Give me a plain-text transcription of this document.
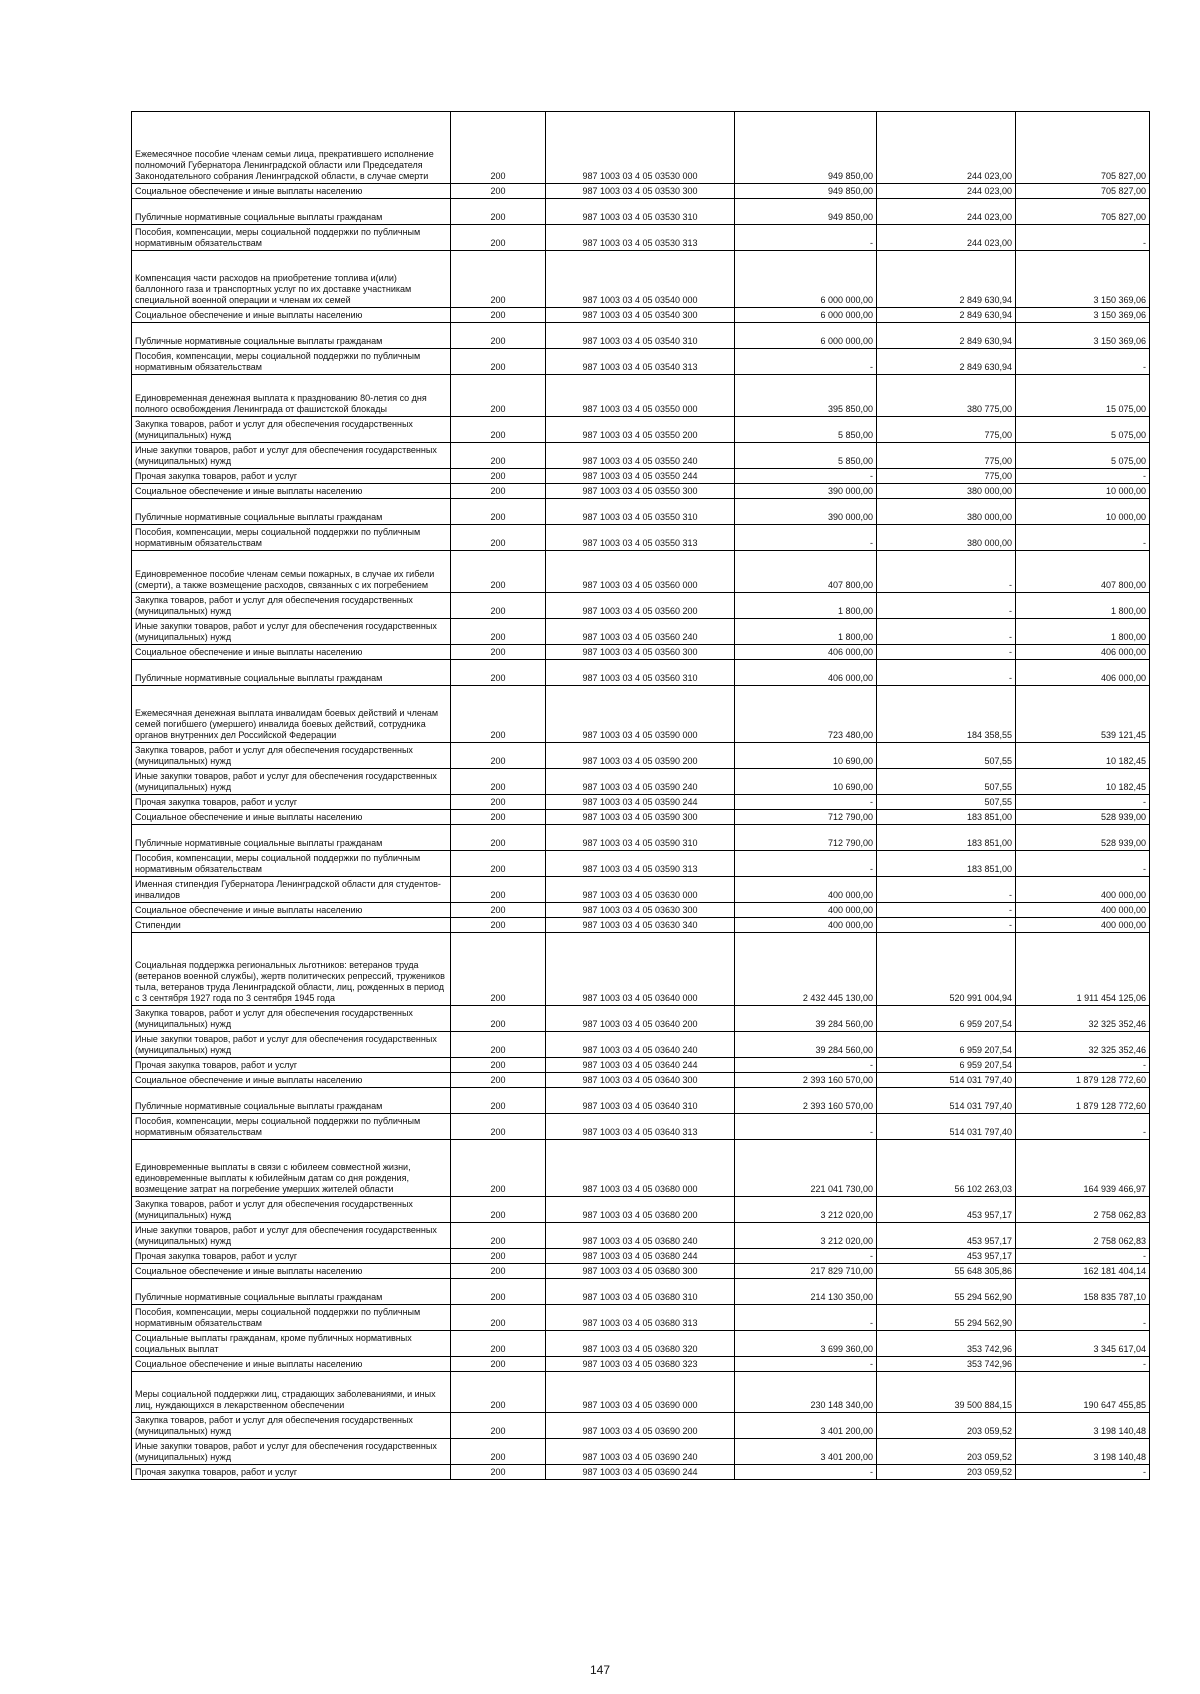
Ежемесячное пособие членам семьи лица, прекратившего исполнение полномочий Губернатора Ленинградской области или Председателя Законодательного собрания Ленинградской области, в случае смерти	200	987 1003 03 4 05 03530 000	949 850,00	244 023,00	705 827,00
Социальное обеспечение и иные выплаты населению	200	987 1003 03 4 05 03530 300	949 850,00	244 023,00	705 827,00
Публичные нормативные социальные выплаты гражданам	200	987 1003 03 4 05 03530 310	949 850,00	244 023,00	705 827,00
Пособия, компенсации, меры социальной поддержки по публичным нормативным обязательствам	200	987 1003 03 4 05 03530 313	-	244 023,00	-
Компенсация части расходов на приобретение топлива и(или) баллонного газа и транспортных услуг по их доставке участникам специальной военной операции и членам их семей	200	987 1003 03 4 05 03540 000	6 000 000,00	2 849 630,94	3 150 369,06
Социальное обеспечение и иные выплаты населению	200	987 1003 03 4 05 03540 300	6 000 000,00	2 849 630,94	3 150 369,06
Публичные нормативные социальные выплаты гражданам	200	987 1003 03 4 05 03540 310	6 000 000,00	2 849 630,94	3 150 369,06
Пособия, компенсации, меры социальной поддержки по публичным нормативным обязательствам	200	987 1003 03 4 05 03540 313	-	2 849 630,94	-
Единовременная денежная выплата к празднованию 80-летия со дня полного освобождения Ленинграда от фашистской блокады	200	987 1003 03 4 05 03550 000	395 850,00	380 775,00	15 075,00
Закупка товаров, работ и услуг для обеспечения государственных (муниципальных) нужд	200	987 1003 03 4 05 03550 200	5 850,00	775,00	5 075,00
Иные закупки товаров, работ и услуг для обеспечения государственных (муниципальных) нужд	200	987 1003 03 4 05 03550 240	5 850,00	775,00	5 075,00
Прочая закупка товаров, работ и услуг	200	987 1003 03 4 05 03550 244	-	775,00	-
Социальное обеспечение и иные выплаты населению	200	987 1003 03 4 05 03550 300	390 000,00	380 000,00	10 000,00
Публичные нормативные социальные выплаты гражданам	200	987 1003 03 4 05 03550 310	390 000,00	380 000,00	10 000,00
Пособия, компенсации, меры социальной поддержки по публичным нормативным обязательствам	200	987 1003 03 4 05 03550 313	-	380 000,00	-
Единовременное пособие членам семьи пожарных, в случае их гибели (смерти), а также возмещение расходов, связанных с их погребением	200	987 1003 03 4 05 03560 000	407 800,00	-	407 800,00
Закупка товаров, работ и услуг для обеспечения государственных (муниципальных) нужд	200	987 1003 03 4 05 03560 200	1 800,00	-	1 800,00
Иные закупки товаров, работ и услуг для обеспечения государственных (муниципальных) нужд	200	987 1003 03 4 05 03560 240	1 800,00	-	1 800,00
Социальное обеспечение и иные выплаты населению	200	987 1003 03 4 05 03560 300	406 000,00	-	406 000,00
Публичные нормативные социальные выплаты гражданам	200	987 1003 03 4 05 03560 310	406 000,00	-	406 000,00
Ежемесячная денежная выплата инвалидам боевых действий и членам семей погибшего (умершего) инвалида боевых действий, сотрудника органов внутренних дел Российской Федерации	200	987 1003 03 4 05 03590 000	723 480,00	184 358,55	539 121,45
Закупка товаров, работ и услуг для обеспечения государственных (муниципальных) нужд	200	987 1003 03 4 05 03590 200	10 690,00	507,55	10 182,45
Иные закупки товаров, работ и услуг для обеспечения государственных (муниципальных) нужд	200	987 1003 03 4 05 03590 240	10 690,00	507,55	10 182,45
Прочая закупка товаров, работ и услуг	200	987 1003 03 4 05 03590 244	-	507,55	-
Социальное обеспечение и иные выплаты населению	200	987 1003 03 4 05 03590 300	712 790,00	183 851,00	528 939,00
Публичные нормативные социальные выплаты гражданам	200	987 1003 03 4 05 03590 310	712 790,00	183 851,00	528 939,00
Пособия, компенсации, меры социальной поддержки по публичным нормативным обязательствам	200	987 1003 03 4 05 03590 313	-	183 851,00	-
Именная стипендия Губернатора Ленинградской области для студентов-инвалидов	200	987 1003 03 4 05 03630 000	400 000,00	-	400 000,00
Социальное обеспечение и иные выплаты населению	200	987 1003 03 4 05 03630 300	400 000,00	-	400 000,00
Стипендии	200	987 1003 03 4 05 03630 340	400 000,00	-	400 000,00
Социальная поддержка региональных льготников: ветеранов труда (ветеранов военной службы), жертв политических репрессий, тружеников тыла, ветеранов труда Ленинградской области, лиц, рожденных в период с 3 сентября 1927 года по 3 сентября 1945 года	200	987 1003 03 4 05 03640 000	2 432 445 130,00	520 991 004,94	1 911 454 125,06
Закупка товаров, работ и услуг для обеспечения государственных (муниципальных) нужд	200	987 1003 03 4 05 03640 200	39 284 560,00	6 959 207,54	32 325 352,46
Иные закупки товаров, работ и услуг для обеспечения государственных (муниципальных) нужд	200	987 1003 03 4 05 03640 240	39 284 560,00	6 959 207,54	32 325 352,46
Прочая закупка товаров, работ и услуг	200	987 1003 03 4 05 03640 244	-	6 959 207,54	-
Социальное обеспечение и иные выплаты населению	200	987 1003 03 4 05 03640 300	2 393 160 570,00	514 031 797,40	1 879 128 772,60
Публичные нормативные социальные выплаты гражданам	200	987 1003 03 4 05 03640 310	2 393 160 570,00	514 031 797,40	1 879 128 772,60
Пособия, компенсации, меры социальной поддержки по публичным нормативным обязательствам	200	987 1003 03 4 05 03640 313	-	514 031 797,40	-
Единовременные выплаты в связи с юбилеем совместной жизни, единовременные выплаты к юбилейным датам со дня рождения, возмещение затрат на погребение умерших жителей области	200	987 1003 03 4 05 03680 000	221 041 730,00	56 102 263,03	164 939 466,97
Закупка товаров, работ и услуг для обеспечения государственных (муниципальных) нужд	200	987 1003 03 4 05 03680 200	3 212 020,00	453 957,17	2 758 062,83
Иные закупки товаров, работ и услуг для обеспечения государственных (муниципальных) нужд	200	987 1003 03 4 05 03680 240	3 212 020,00	453 957,17	2 758 062,83
Прочая закупка товаров, работ и услуг	200	987 1003 03 4 05 03680 244	-	453 957,17	-
Социальное обеспечение и иные выплаты населению	200	987 1003 03 4 05 03680 300	217 829 710,00	55 648 305,86	162 181 404,14
Публичные нормативные социальные выплаты гражданам	200	987 1003 03 4 05 03680 310	214 130 350,00	55 294 562,90	158 835 787,10
Пособия, компенсации, меры социальной поддержки по публичным нормативным обязательствам	200	987 1003 03 4 05 03680 313	-	55 294 562,90	-
Социальные выплаты гражданам, кроме публичных нормативных социальных выплат	200	987 1003 03 4 05 03680 320	3 699 360,00	353 742,96	3 345 617,04
Социальное обеспечение и иные выплаты населению	200	987 1003 03 4 05 03680 323	-	353 742,96	-
Меры социальной поддержки лиц, страдающих заболеваниями, и иных лиц, нуждающихся в лекарственном обеспечении	200	987 1003 03 4 05 03690 000	230 148 340,00	39 500 884,15	190 647 455,85
Закупка товаров, работ и услуг для обеспечения государственных (муниципальных) нужд	200	987 1003 03 4 05 03690 200	3 401 200,00	203 059,52	3 198 140,48
Иные закупки товаров, работ и услуг для обеспечения государственных (муниципальных) нужд	200	987 1003 03 4 05 03690 240	3 401 200,00	203 059,52	3 198 140,48
Прочая закупка товаров, работ и услуг	200	987 1003 03 4 05 03690 244	-	203 059,52	-
147
